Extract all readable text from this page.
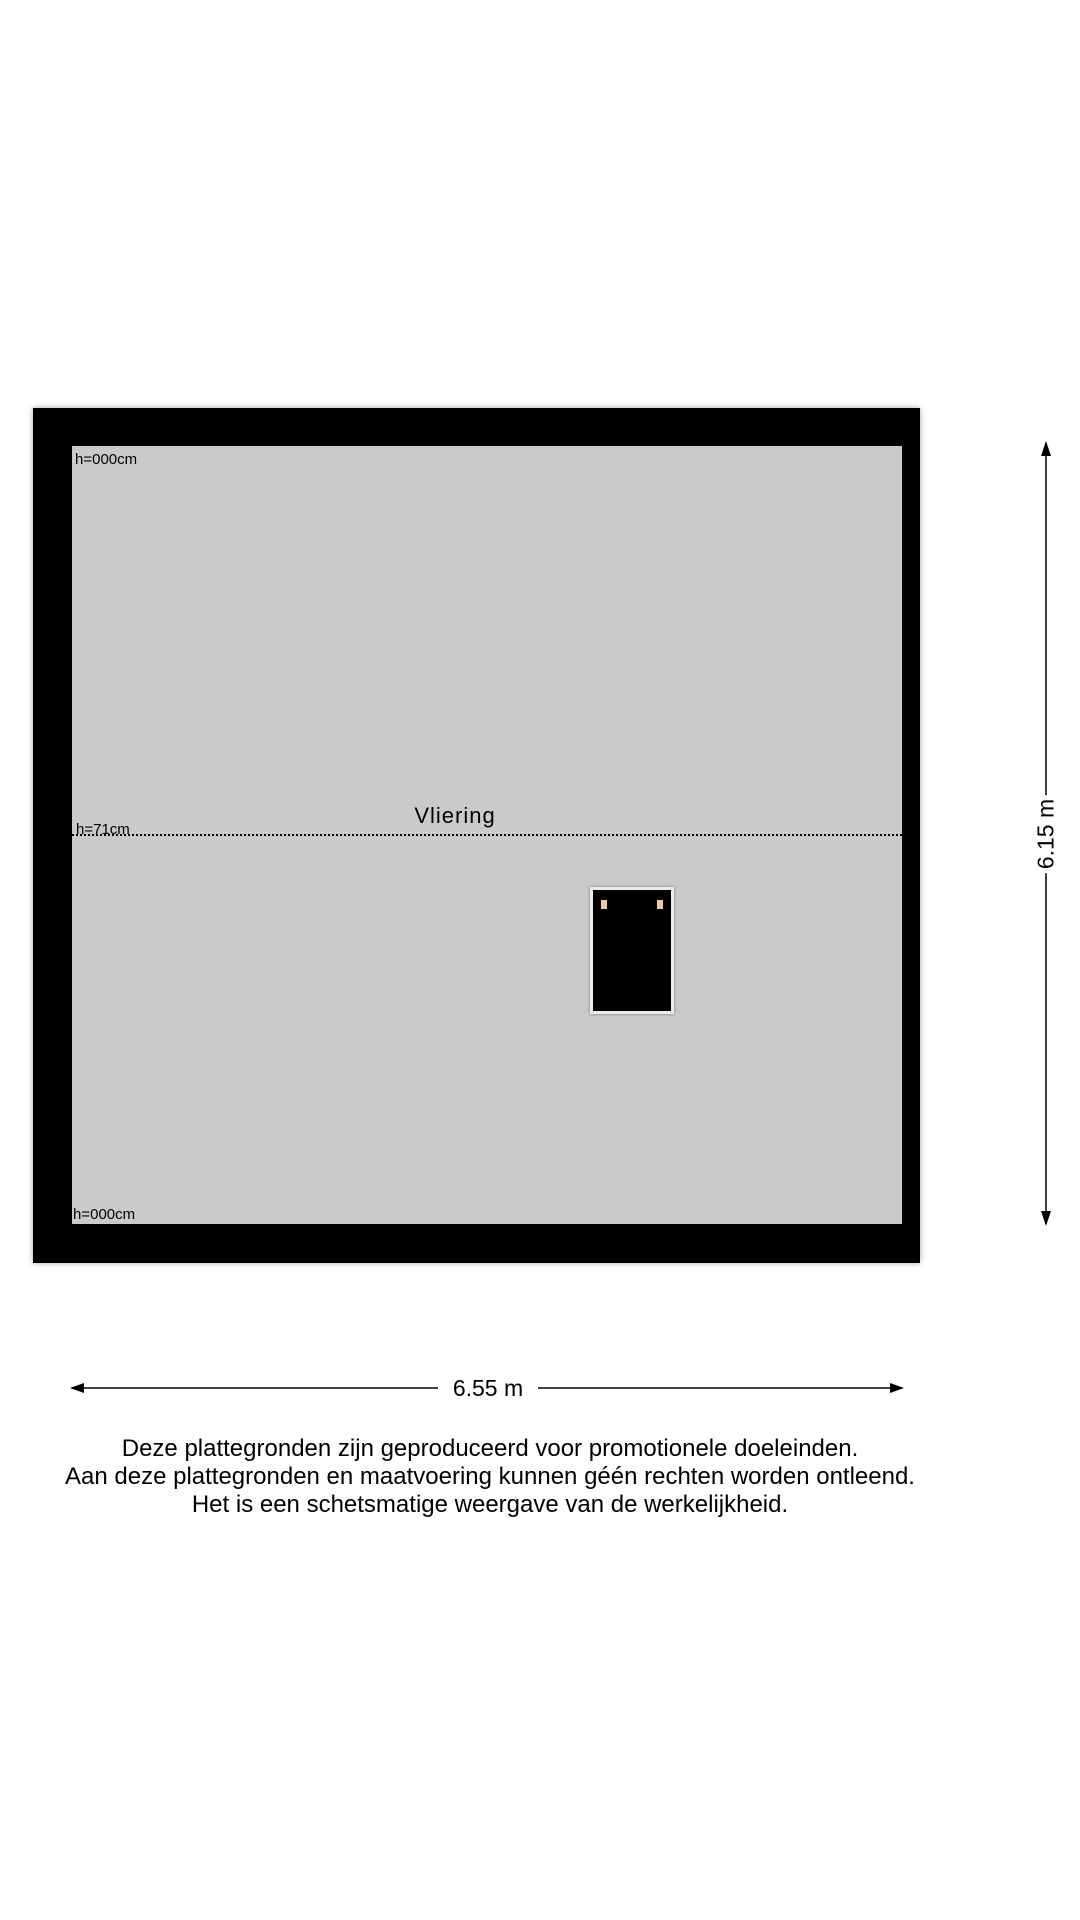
h=000cm
h=71cm
h=000cm
Vliering
6.55 m
6.15 m
Deze plattegronden zijn geproduceerd voor promotionele doeleinden.
Aan deze plattegronden en maatvoering kunnen géén rechten worden ontleend.
Het is een schetsmatige weergave van de werkelijkheid.
